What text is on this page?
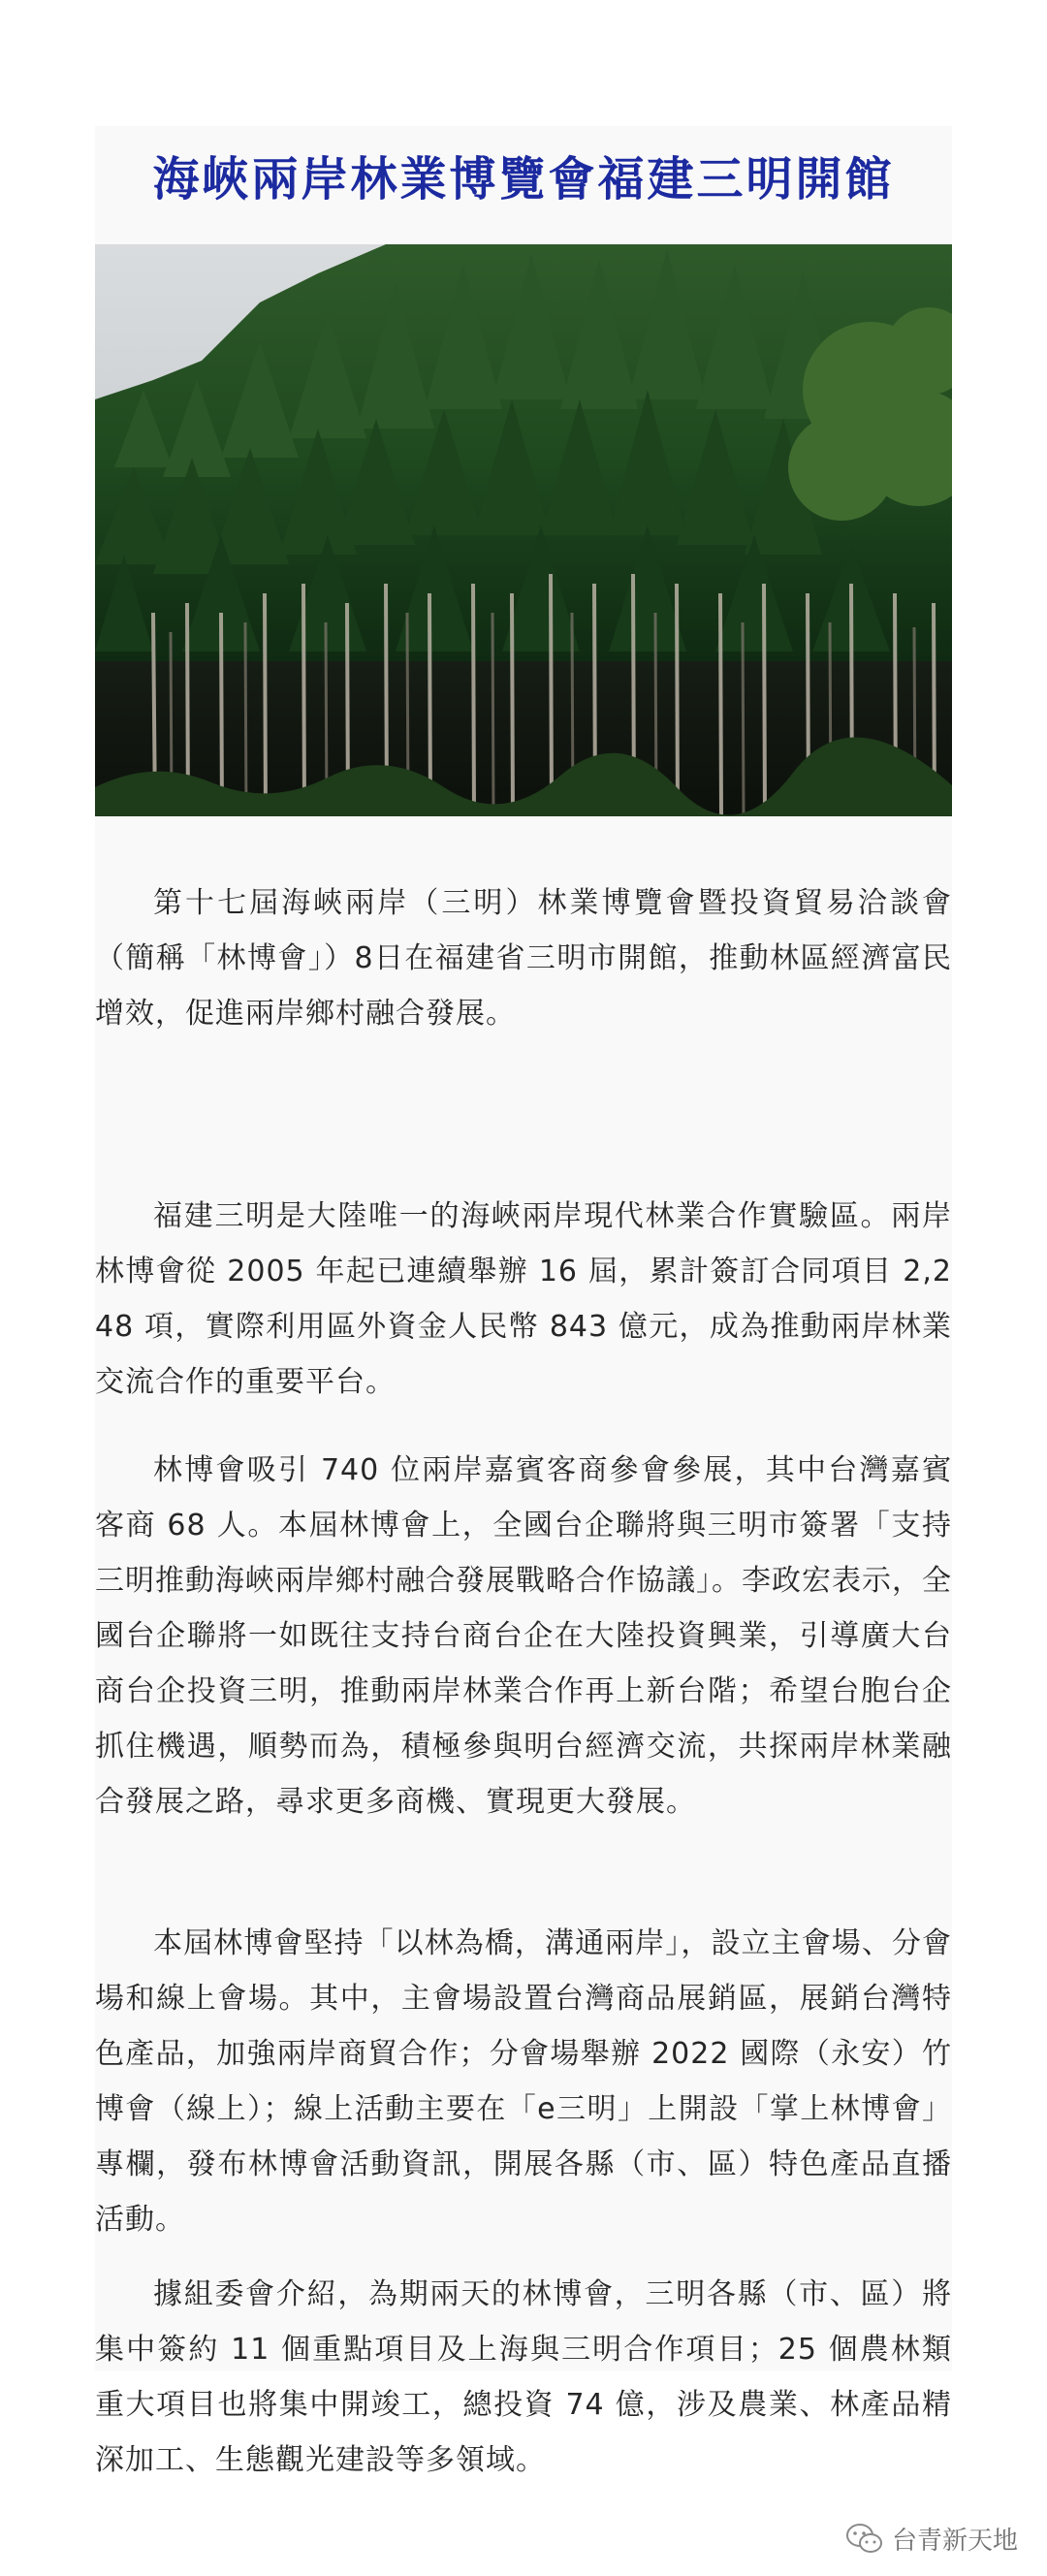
海峽兩岸林業博覽會福建三明開館

第十七屆海峽兩岸（三明）林業博覽會暨投資貿易洽談會（簡稱「林博會」）8日在福建省三明市開館，推動林區經濟富民增效，促進兩岸鄉村融合發展。

福建三明是大陸唯一的海峽兩岸現代林業合作實驗區。兩岸林博會從 2005 年起已連續舉辦 16 屆，累計簽訂合同項目 2,248 項，實際利用區外資金人民幣 843 億元，成為推動兩岸林業交流合作的重要平台。

林博會吸引 740 位兩岸嘉賓客商參會參展，其中台灣嘉賓客商 68 人。本屆林博會上，全國台企聯將與三明市簽署「支持三明推動海峽兩岸鄉村融合發展戰略合作協議」。李政宏表示，全國台企聯將一如既往支持台商台企在大陸投資興業，引導廣大台商台企投資三明，推動兩岸林業合作再上新台階；希望台胞台企抓住機遇，順勢而為，積極參與明台經濟交流，共探兩岸林業融合發展之路，尋求更多商機、實現更大發展。

本屆林博會堅持「以林為橋，溝通兩岸」，設立主會場、分會場和線上會場。其中，主會場設置台灣商品展銷區，展銷台灣特色產品，加強兩岸商貿合作；分會場舉辦 2022 國際（永安）竹博會（線上）；線上活動主要在「e三明」上開設「掌上林博會」專欄，發布林博會活動資訊，開展各縣（市、區）特色產品直播活動。

據組委會介紹，為期兩天的林博會，三明各縣（市、區）將集中簽約 11 個重點項目及上海與三明合作項目；25 個農林類重大項目也將集中開竣工，總投資 74 億，涉及農業、林產品精深加工、生態觀光建設等多領域。

台青新天地
